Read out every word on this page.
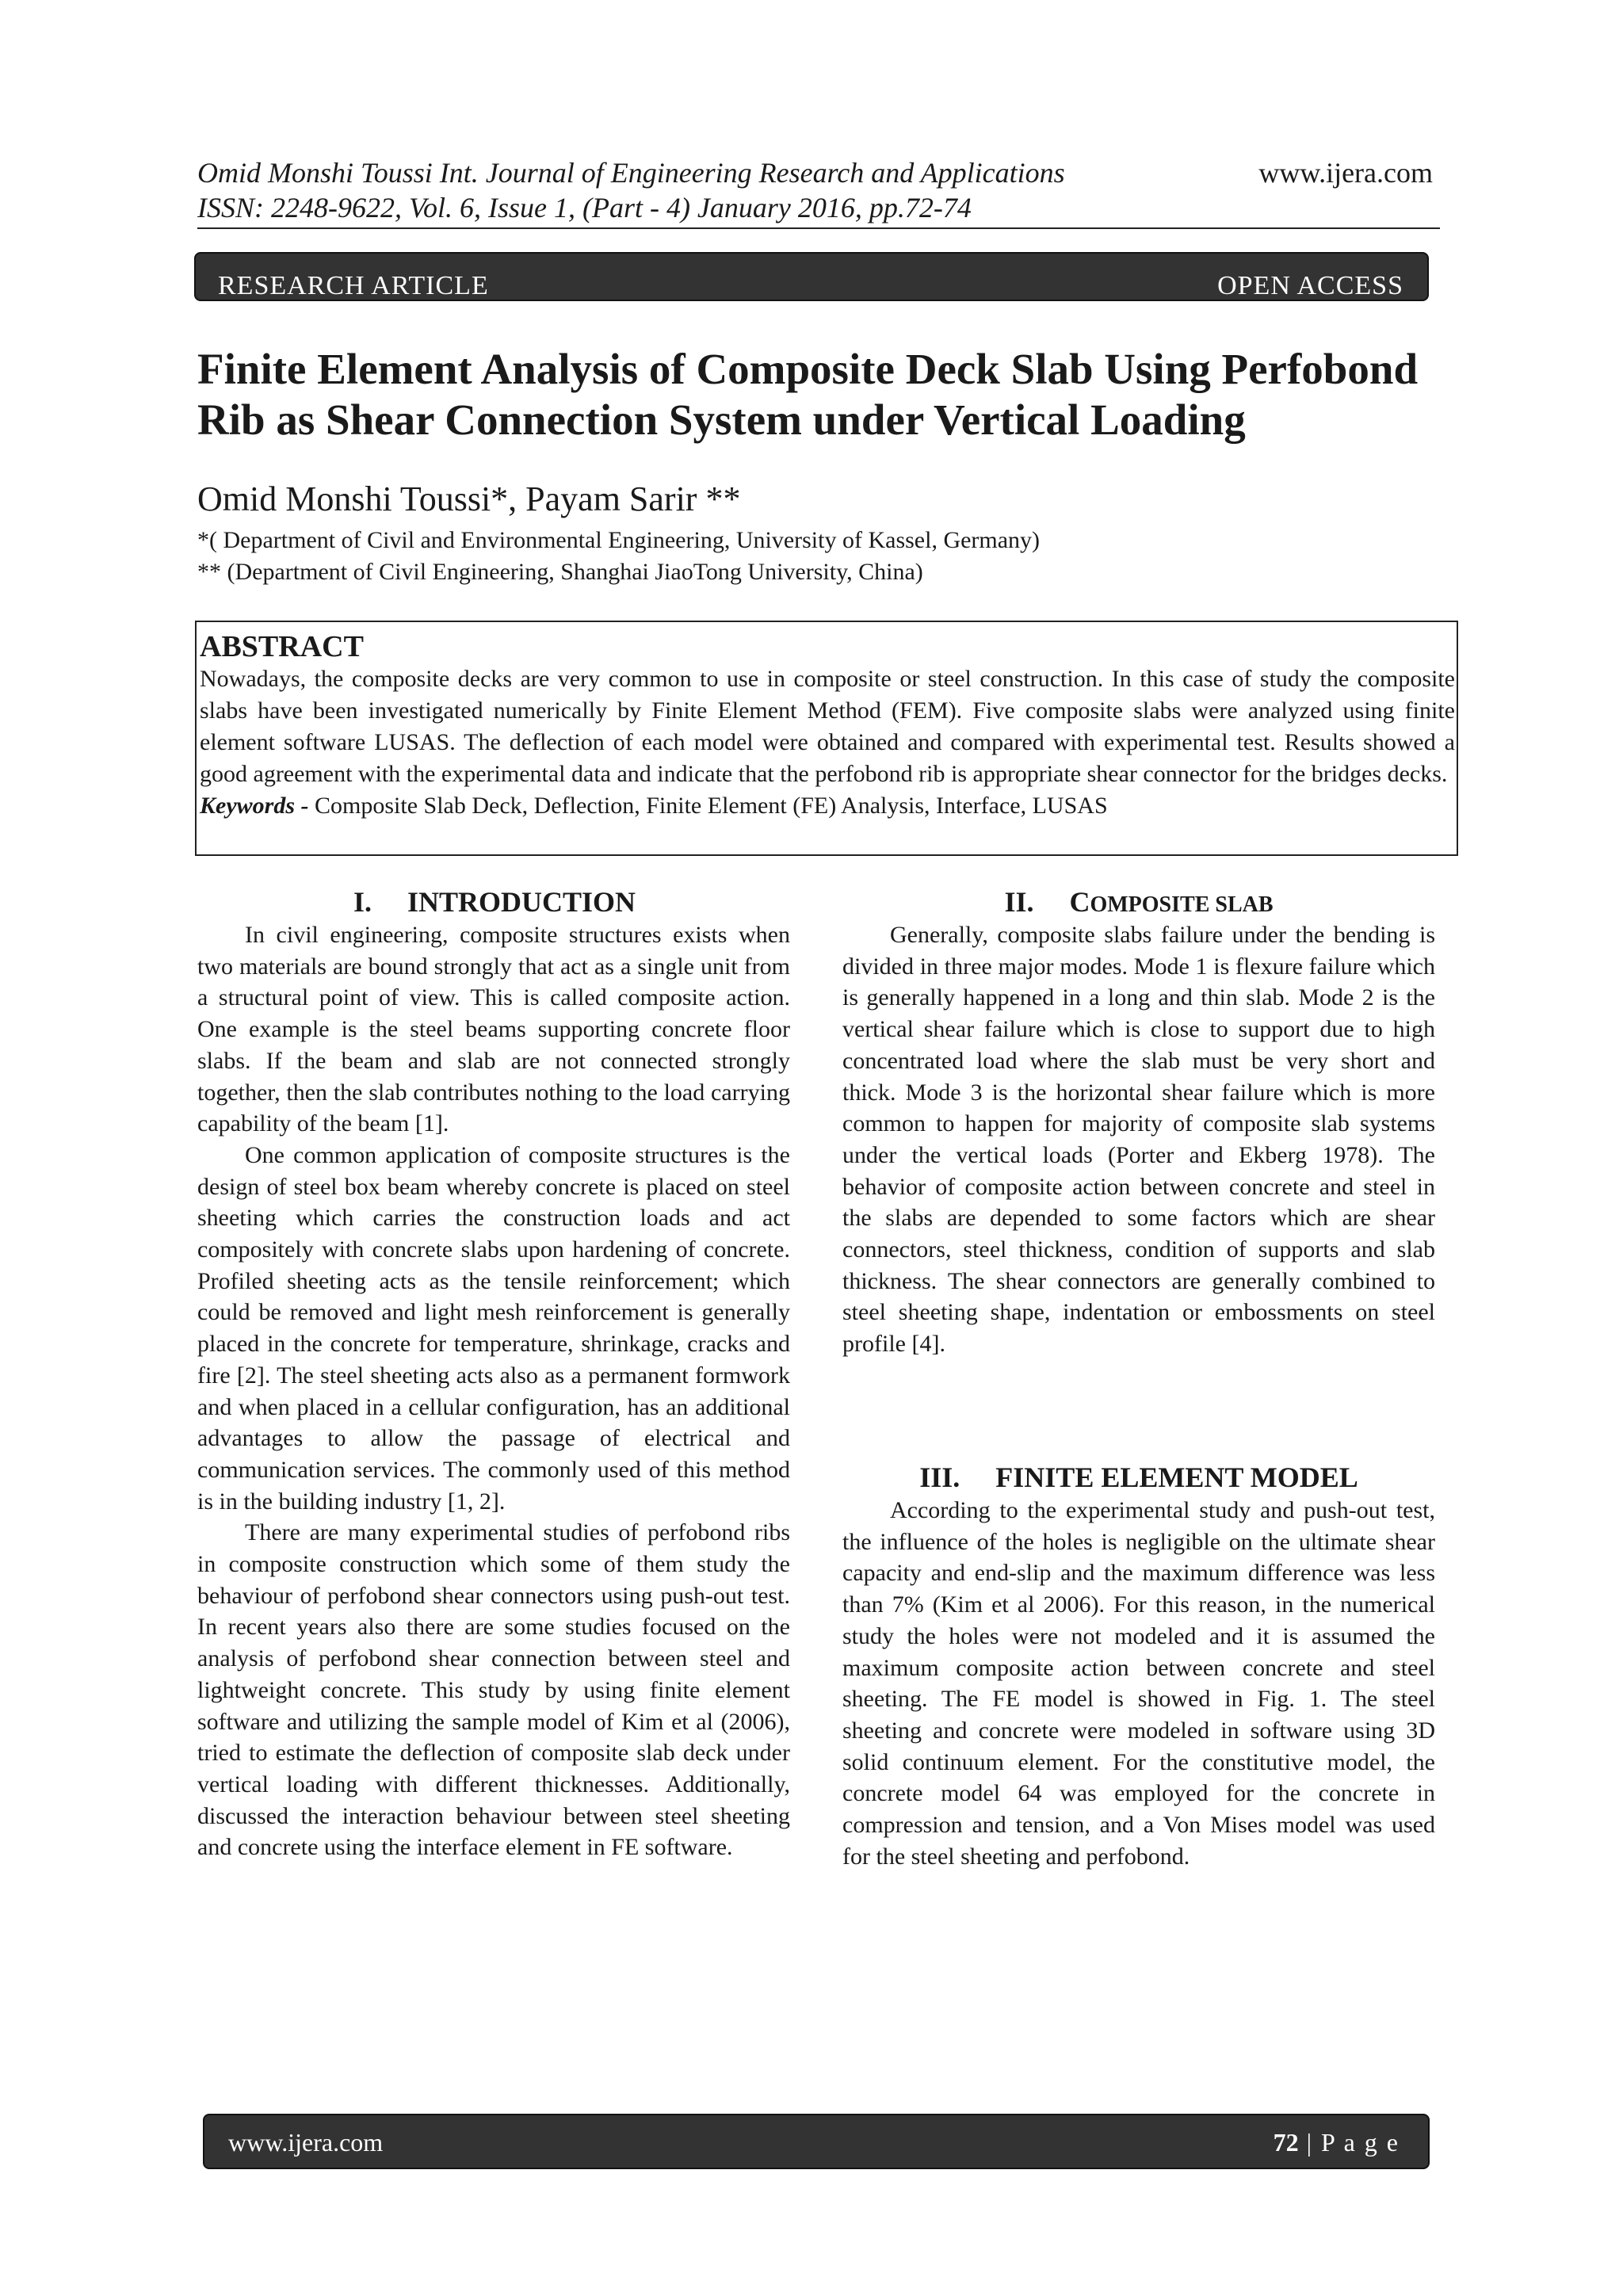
Omid Monshi Toussi Int. Journal of Engineering Research and Applications
ISSN: 2248-9622, Vol. 6, Issue 1, (Part - 4) January 2016, pp.72-74
www.ijera.com
RESEARCH ARTICLE	OPEN ACCESS
Finite Element Analysis of Composite Deck Slab Using Perfobond Rib as Shear Connection System under Vertical Loading
Omid Monshi Toussi*, Payam Sarir **
*( Department of Civil and Environmental Engineering, University of Kassel, Germany)
** (Department of Civil Engineering, Shanghai JiaoTong University, China)
ABSTRACT

Nowadays, the composite decks are very common to use in composite or steel construction. In this case of study the composite slabs have been investigated numerically by Finite Element Method (FEM). Five composite slabs were analyzed using finite element software LUSAS. The deflection of each model were obtained and compared with experimental test. Results showed a good agreement with the experimental data and indicate that the perfobond rib is appropriate shear connector for the bridges decks.

Keywords - Composite Slab Deck, Deflection, Finite Element (FE) Analysis, Interface, LUSAS

I. INTRODUCTION

In civil engineering, composite structures exists when two materials are bound strongly that act as a single unit from a structural point of view. This is called composite action. One example is the steel beams supporting concrete floor slabs. If the beam and slab are not connected strongly together, then the slab contributes nothing to the load carrying capability of the beam [1].

One common application of composite structures is the design of steel box beam whereby concrete is placed on steel sheeting which carries the construction loads and act compositely with concrete slabs upon hardening of concrete. Profiled sheeting acts as the tensile reinforcement; which could be removed and light mesh reinforcement is generally placed in the concrete for temperature, shrinkage, cracks and fire [2]. The steel sheeting acts also as a permanent formwork and when placed in a cellular configuration, has an additional advantages to allow the passage of electrical and communication services. The commonly used of this method is in the building industry [1, 2].

There are many experimental studies of perfobond ribs in composite construction which some of them study the behaviour of perfobond shear connectors using push-out test. In recent years also there are some studies focused on the analysis of perfobond shear connection between steel and lightweight concrete. This study by using finite element software and utilizing the sample model of Kim et al (2006), tried to estimate the deflection of composite slab deck under vertical loading with different thicknesses. Additionally, discussed the interaction behaviour between steel sheeting and concrete using the interface element in FE software.

II. COMPOSITE SLAB

Generally, composite slabs failure under the bending is divided in three major modes. Mode 1 is flexure failure which is generally happened in a long and thin slab. Mode 2 is the vertical shear failure which is close to support due to high concentrated load where the slab must be very short and thick. Mode 3 is the horizontal shear failure which is more common to happen for majority of composite slab systems under the vertical loads (Porter and Ekberg 1978). The behavior of composite action between concrete and steel in the slabs are depended to some factors which are shear connectors, steel thickness, condition of supports and slab thickness. The shear connectors are generally combined to steel sheeting shape, indentation or embossments on steel profile [4].

III. FINITE ELEMENT MODEL

According to the experimental study and push-out test, the influence of the holes is negligible on the ultimate shear capacity and end-slip and the maximum difference was less than 7% (Kim et al 2006). For this reason, in the numerical study the holes were not modeled and it is assumed the maximum composite action between concrete and steel sheeting. The FE model is showed in Fig. 1. The steel sheeting and concrete were modeled in software using 3D solid continuum element. For the constitutive model, the concrete model 64 was employed for the concrete in compression and tension, and a Von Mises model was used for the steel sheeting and perfobond.

www.ijera.com	72 | P a g e
